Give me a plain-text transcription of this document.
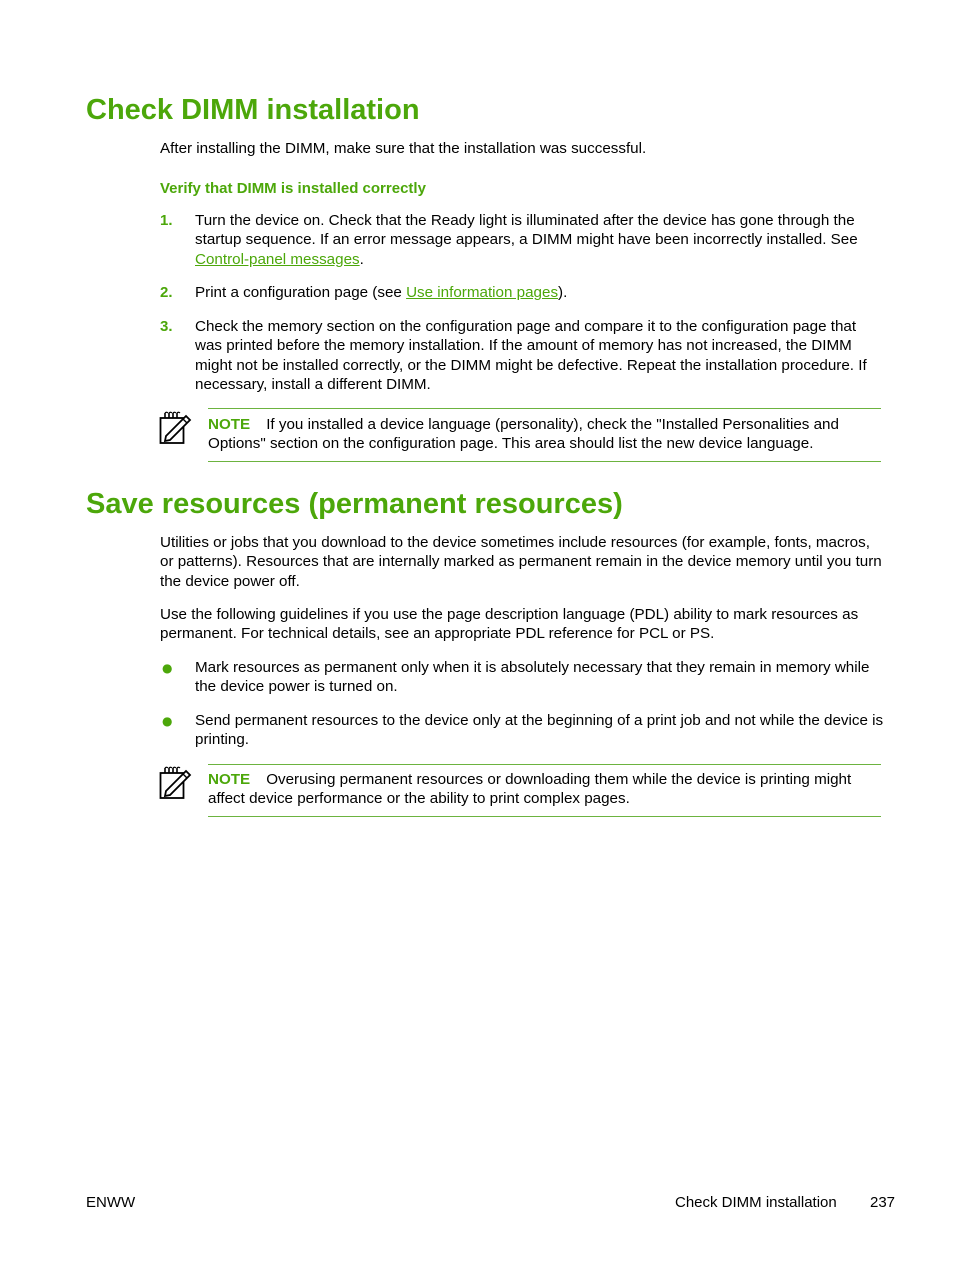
Check DIMM installation
After installing the DIMM, make sure that the installation was successful.
Verify that DIMM is installed correctly
1. Turn the device on. Check that the Ready light is illuminated after the device has gone through the startup sequence. If an error message appears, a DIMM might have been incorrectly installed. See Control-panel messages.
2. Print a configuration page (see Use information pages).
3. Check the memory section on the configuration page and compare it to the configuration page that was printed before the memory installation. If the amount of memory has not increased, the DIMM might not be installed correctly, or the DIMM might be defective. Repeat the installation procedure. If necessary, install a different DIMM.
NOTE If you installed a device language (personality), check the "Installed Personalities and Options" section on the configuration page. This area should list the new device language.
Save resources (permanent resources)
Utilities or jobs that you download to the device sometimes include resources (for example, fonts, macros, or patterns). Resources that are internally marked as permanent remain in the device memory until you turn the device power off.
Use the following guidelines if you use the page description language (PDL) ability to mark resources as permanent. For technical details, see an appropriate PDL reference for PCL or PS.
● Mark resources as permanent only when it is absolutely necessary that they remain in memory while the device power is turned on.
● Send permanent resources to the device only at the beginning of a print job and not while the device is printing.
NOTE Overusing permanent resources or downloading them while the device is printing might affect device performance or the ability to print complex pages.
ENWW	Check DIMM installation 237
